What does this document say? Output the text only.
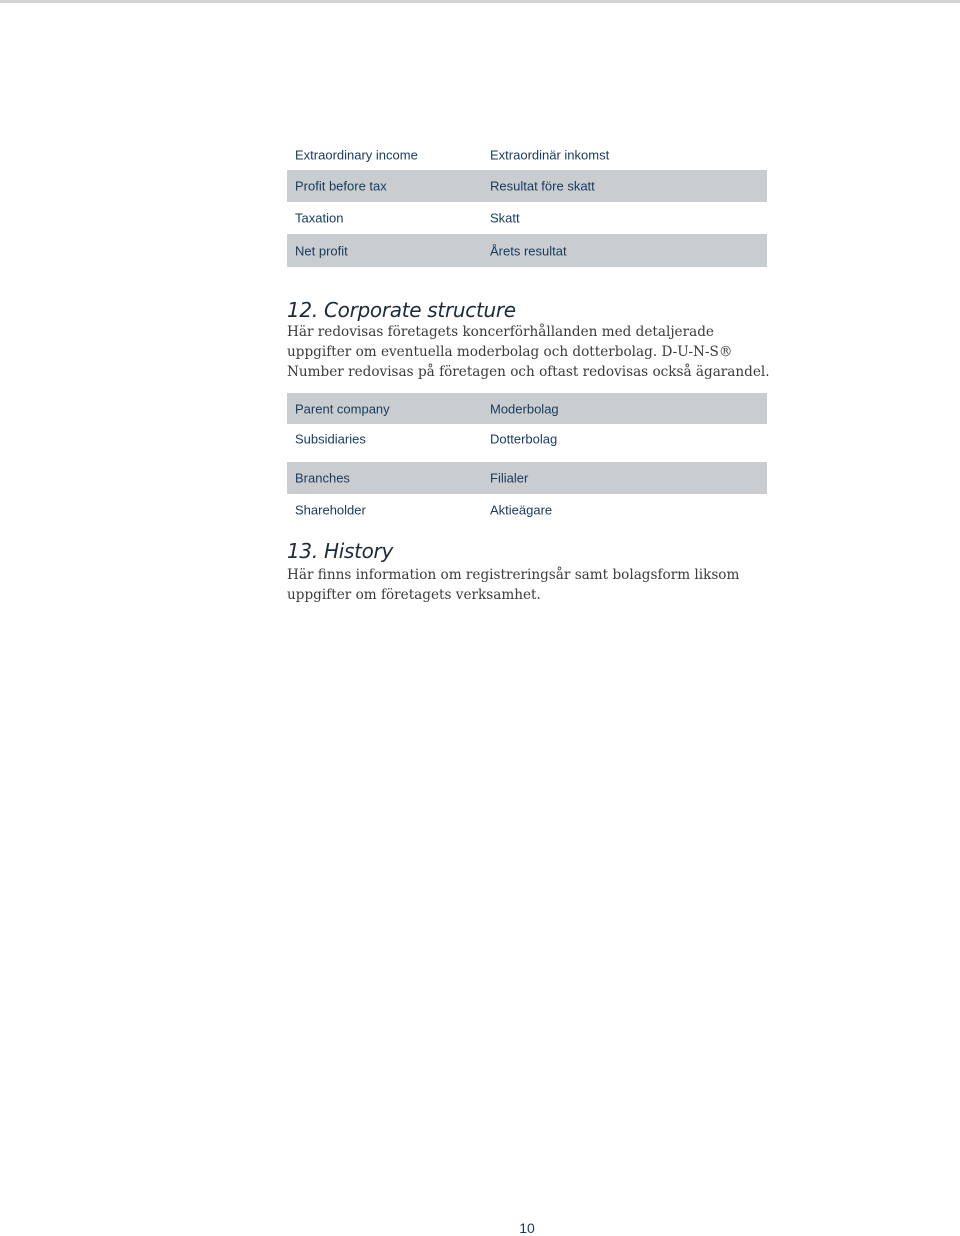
Extraordinary income	Extraordinär inkomst
Profit before tax	Resultat före skatt
Taxation	Skatt
Net profit	Årets resultat
12. Corporate structure

Här redovisas företagets koncerförhållanden med detaljerade uppgifter om eventuella moderbolag och dotterbolag. D-U-N-S® Number redovisas på företagen och oftast redovisas också ägarandel.

Parent company	Moderbolag
Subsidiaries	Dotterbolag
Branches	Filialer
Shareholder	Aktieägare
13. History

Här finns information om registreringsår samt bolagsform liksom uppgifter om företagets verksamhet.

10
